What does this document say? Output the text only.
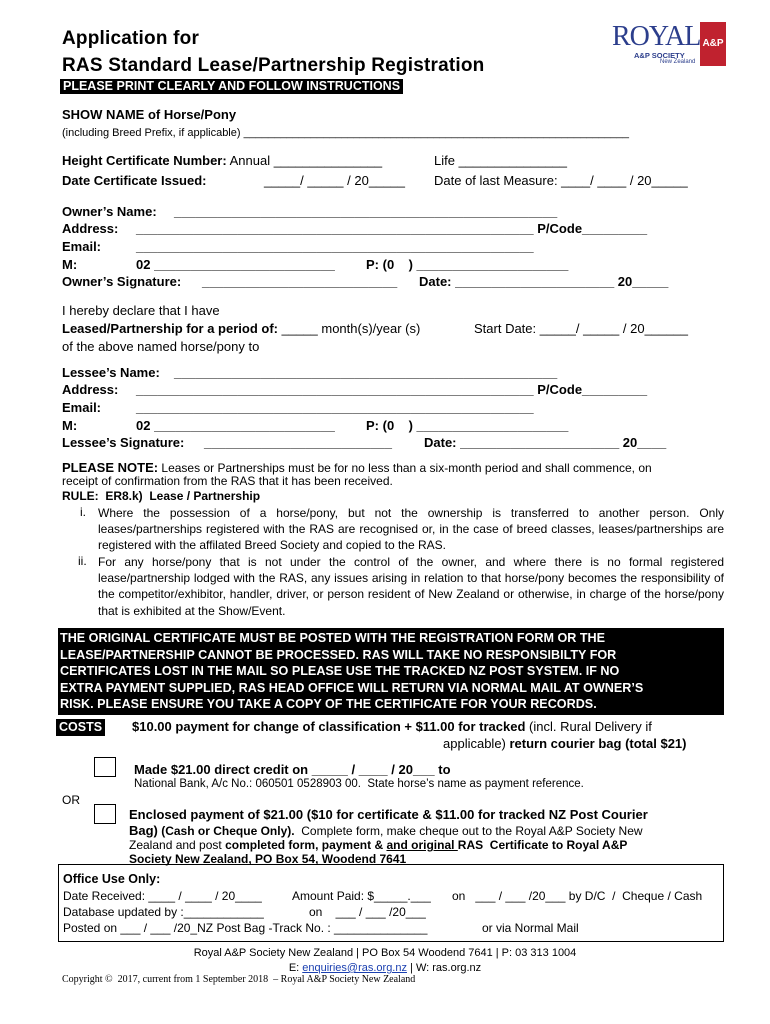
Application for
RAS Standard Lease/Partnership Registration
PLEASE PRINT CLEARLY AND FOLLOW INSTRUCTIONS
ROYAL A&P
A&P SOCIETY
New Zealand
SHOW NAME of Horse/Pony
(including Breed Prefix, if applicable) _______________________________________________________________
Height Certificate Number: Annual _______________	Life _______________
Date Certificate Issued:	_____/ _____ / 20_____ Date of last Measure: ____/ ____ / 20_____
Owner’s Name: _____________________________________________________
Address: _______________________________________________________ P/Code_________
Email:	_______________________________________________________
M:	02 _________________________ P: (0    ) _____________________
Owner’s Signature: ___________________________ Date: ______________________ 20_____
I hereby declare that I have
Leased/Partnership for a period of: _____ month(s)/year (s)	Start Date: _____/ _____ / 20______
of the above named horse/pony to
Lessee’s Name: _____________________________________________________
Address: _______________________________________________________ P/Code_________
Email:	_______________________________________________________
M:	02 _________________________ P: (0    ) _____________________
Lessee’s Signature: __________________________ Date: ______________________ 20____
PLEASE NOTE: Leases or Partnerships must be for no less than a six-month period and shall commence, on
receipt of confirmation from the RAS that it has been received.
RULE:  ER8.k)  Lease / Partnership
i. Where the possession of a horse/pony, but not the ownership is transferred to another person. Only leases/partnerships registered with the RAS are recognised or, in the case of breed classes, leases/partnerships are registered with the affilated Breed Society and copied to the RAS.
ii. For any horse/pony that is not under the control of the owner, and where there is no formal registered lease/partnership lodged with the RAS, any issues arising in relation to that horse/pony becomes the responsibility of the competitor/exhibitor, handler, driver, or person resident of New Zealand or otherwise, in charge of the horse/pony that is exhibited at the Show/Event.
THE ORIGINAL CERTIFICATE MUST BE POSTED WITH THE REGISTRATION FORM OR THE
LEASE/PARTNERSHIP CANNOT BE PROCESSED. RAS WILL TAKE NO RESPONSIBILTY FOR
CERTIFICATES LOST IN THE MAIL SO PLEASE USE THE TRACKED NZ POST SYSTEM. IF NO
EXTRA PAYMENT SUPPLIED, RAS HEAD OFFICE WILL RETURN VIA NORMAL MAIL AT OWNER’S
RISK. PLEASE ENSURE YOU TAKE A COPY OF THE CERTIFICATE FOR YOUR RECORDS.
COSTS $10.00 payment for change of classification + $11.00 for tracked (incl. Rural Delivery if
applicable) return courier bag (total $21)
Made $21.00 direct credit on _____ / ____ / 20___ to
National Bank, A/c No.: 060501 0528903 00.  State horse’s name as payment reference.
OR
Enclosed payment of $21.00 ($10 for certificate & $11.00 for tracked NZ Post Courier
Bag) (Cash or Cheque Only).  Complete form, make cheque out to the Royal A&P Society New
Zealand and post completed form, payment & and original RAS  Certificate to Royal A&P
Society New Zealand, PO Box 54, Woodend 7641
Office Use Only:
Date Received: ____ / ____ / 20____	Amount Paid: $_____.___ on   ___ / ___ /20___ by D/C  /  Cheque / Cash
Database updated by :____________	on    ___ / ___ /20___
Posted on ___ / ___ /20_NZ Post Bag -Track No. : ______________	or via Normal Mail
Royal A&P Society New Zealand | PO Box 54 Woodend 7641 | P: 03 313 1004
E: enquiries@ras.org.nz | W: ras.org.nz
Copyright ©  2017, current from 1 September 2018  – Royal A&P Society New Zealand
